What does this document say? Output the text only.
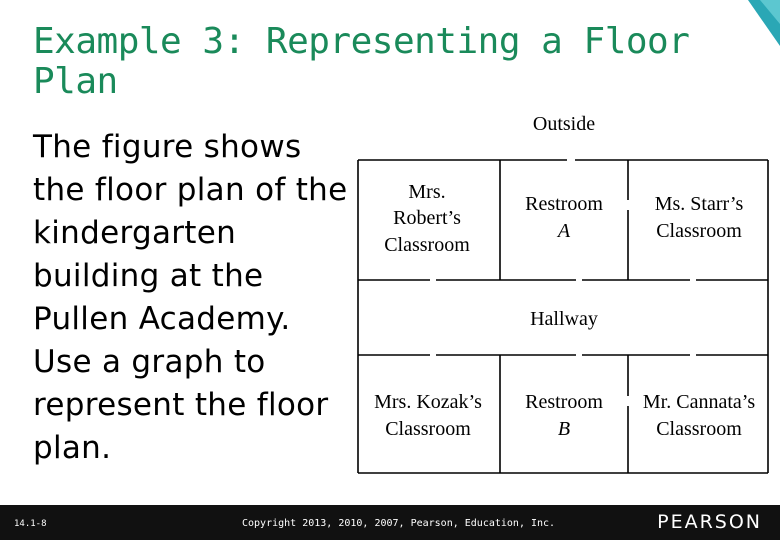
Example 3: Representing a Floor Plan
The figure shows the floor plan of the kindergarten building at the Pullen Academy. Use a graph to represent the floor plan.
Outside
Hallway
Mrs.
Robert’s
Classroom
Restroom
A
Ms. Starr’s
Classroom
Mrs. Kozak’s
Classroom
Restroom
B
Mr. Cannata’s
Classroom
14.1-8	Copyright 2013, 2010, 2007, Pearson, Education, Inc.	PEARSON
